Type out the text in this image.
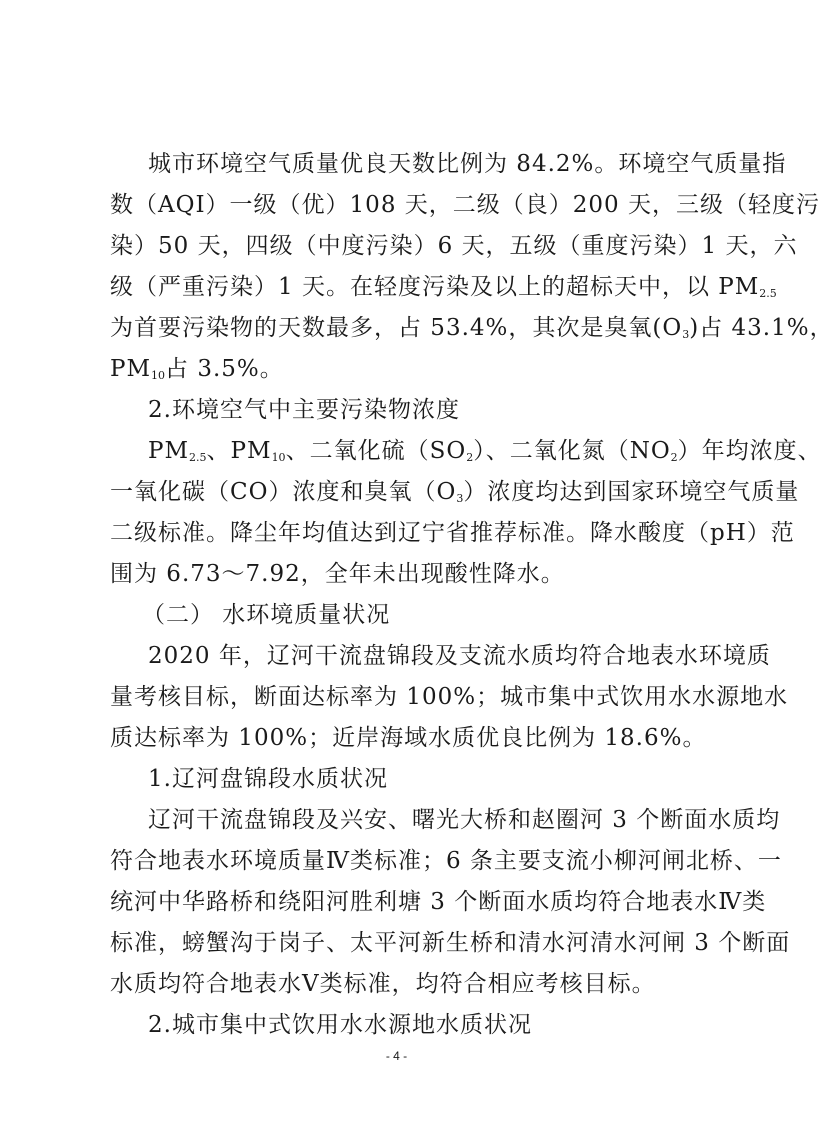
城市环境空气质量优良天数比例为 84.2%。环境空气质量指
数（AQI）一级（优）108 天，二级（良）200 天，三级（轻度污
染）50 天，四级（中度污染）6 天，五级（重度污染）1 天，六
级（严重污染）1 天。在轻度污染及以上的超标天中，以 $PM_{2.5}$
为首要污染物的天数最多，占 53.4%，其次是臭氧$(O_3)$占 43.1%，
$PM_{10}$占 3.5%。
2.环境空气中主要污染物浓度
$PM_{2.5}$、$PM_{10}$、二氧化硫$(SO_2)$、二氧化氮$(NO_2)$年均浓度、
一氧化碳（CO）浓度和臭氧$(O_3)$浓度均达到国家环境空气质量
二级标准。降尘年均值达到辽宁省推荐标准。降水酸度（pH）范
围为 6.73～7.92，全年未出现酸性降水。
（二） 水环境质量状况
2020 年，辽河干流盘锦段及支流水质均符合地表水环境质
量考核目标，断面达标率为 100%；城市集中式饮用水水源地水
质达标率为 100%；近岸海域水质优良比例为 18.6%。
1.辽河盘锦段水质状况
辽河干流盘锦段及兴安、曙光大桥和赵圈河 3 个断面水质均
符合地表水环境质量Ⅳ类标准；6 条主要支流小柳河闸北桥、一
统河中华路桥和绕阳河胜利塘 3 个断面水质均符合地表水Ⅳ类
标准，螃蟹沟于岗子、太平河新生桥和清水河清水河闸 3 个断面
水质均符合地表水Ⅴ类标准，均符合相应考核目标。
2.城市集中式饮用水水源地水质状况
- 4 -
